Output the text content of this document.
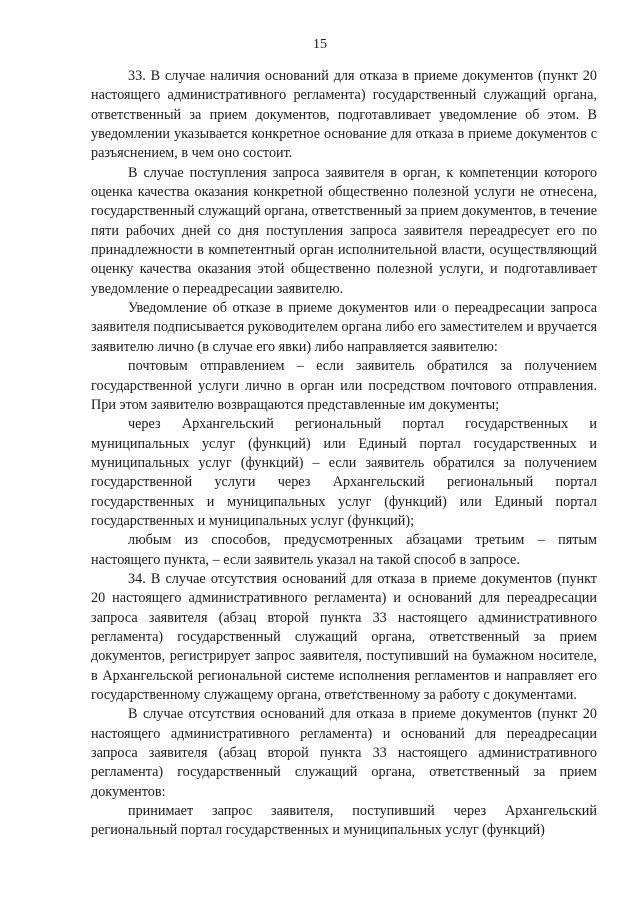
15

33. В случае наличия оснований для отказа в приеме документов (пункт 20 настоящего административного регламента) государственный служащий органа, ответственный за прием документов, подготавливает уведомление об этом. В уведомлении указывается конкретное основание для отказа в приеме документов с разъяснением, в чем оно состоит.

В случае поступления запроса заявителя в орган, к компетенции которого оценка качества оказания конкретной общественно полезной услуги не отнесена, государственный служащий органа, ответственный за прием документов, в течение пяти рабочих дней со дня поступления запроса заявителя переадресует его по принадлежности в компетентный орган исполнительной власти, осуществляющий оценку качества оказания этой общественно полезной услуги, и подготавливает уведомление о переадресации заявителю.

Уведомление об отказе в приеме документов или о переадресации запроса заявителя подписывается руководителем органа либо его заместителем и вручается заявителю лично (в случае его явки) либо направляется заявителю:

почтовым отправлением – если заявитель обратился за получением государственной услуги лично в орган или посредством почтового отправления. При этом заявителю возвращаются представленные им документы;

через Архангельский региональный портал государственных и муниципальных услуг (функций) или Единый портал государственных и муниципальных услуг (функций) – если заявитель обратился за получением государственной услуги через Архангельский региональный портал государственных и муниципальных услуг (функций) или Единый портал государственных и муниципальных услуг (функций);

любым из способов, предусмотренных абзацами третьим – пятым настоящего пункта, – если заявитель указал на такой способ в запросе.

34. В случае отсутствия оснований для отказа в приеме документов (пункт 20 настоящего административного регламента) и оснований для переадресации запроса заявителя (абзац второй пункта 33 настоящего административного регламента) государственный служащий органа, ответственный за прием документов, регистрирует запрос заявителя, поступивший на бумажном носителе, в Архангельской региональной системе исполнения регламентов и направляет его государственному служащему органа, ответственному за работу с документами.

В случае отсутствия оснований для отказа в приеме документов (пункт 20 настоящего административного регламента) и оснований для переадресации запроса заявителя (абзац второй пункта 33 настоящего административного регламента) государственный служащий органа, ответственный за прием документов:

принимает запрос заявителя, поступивший через Архангельский региональный портал государственных и муниципальных услуг (функций)
